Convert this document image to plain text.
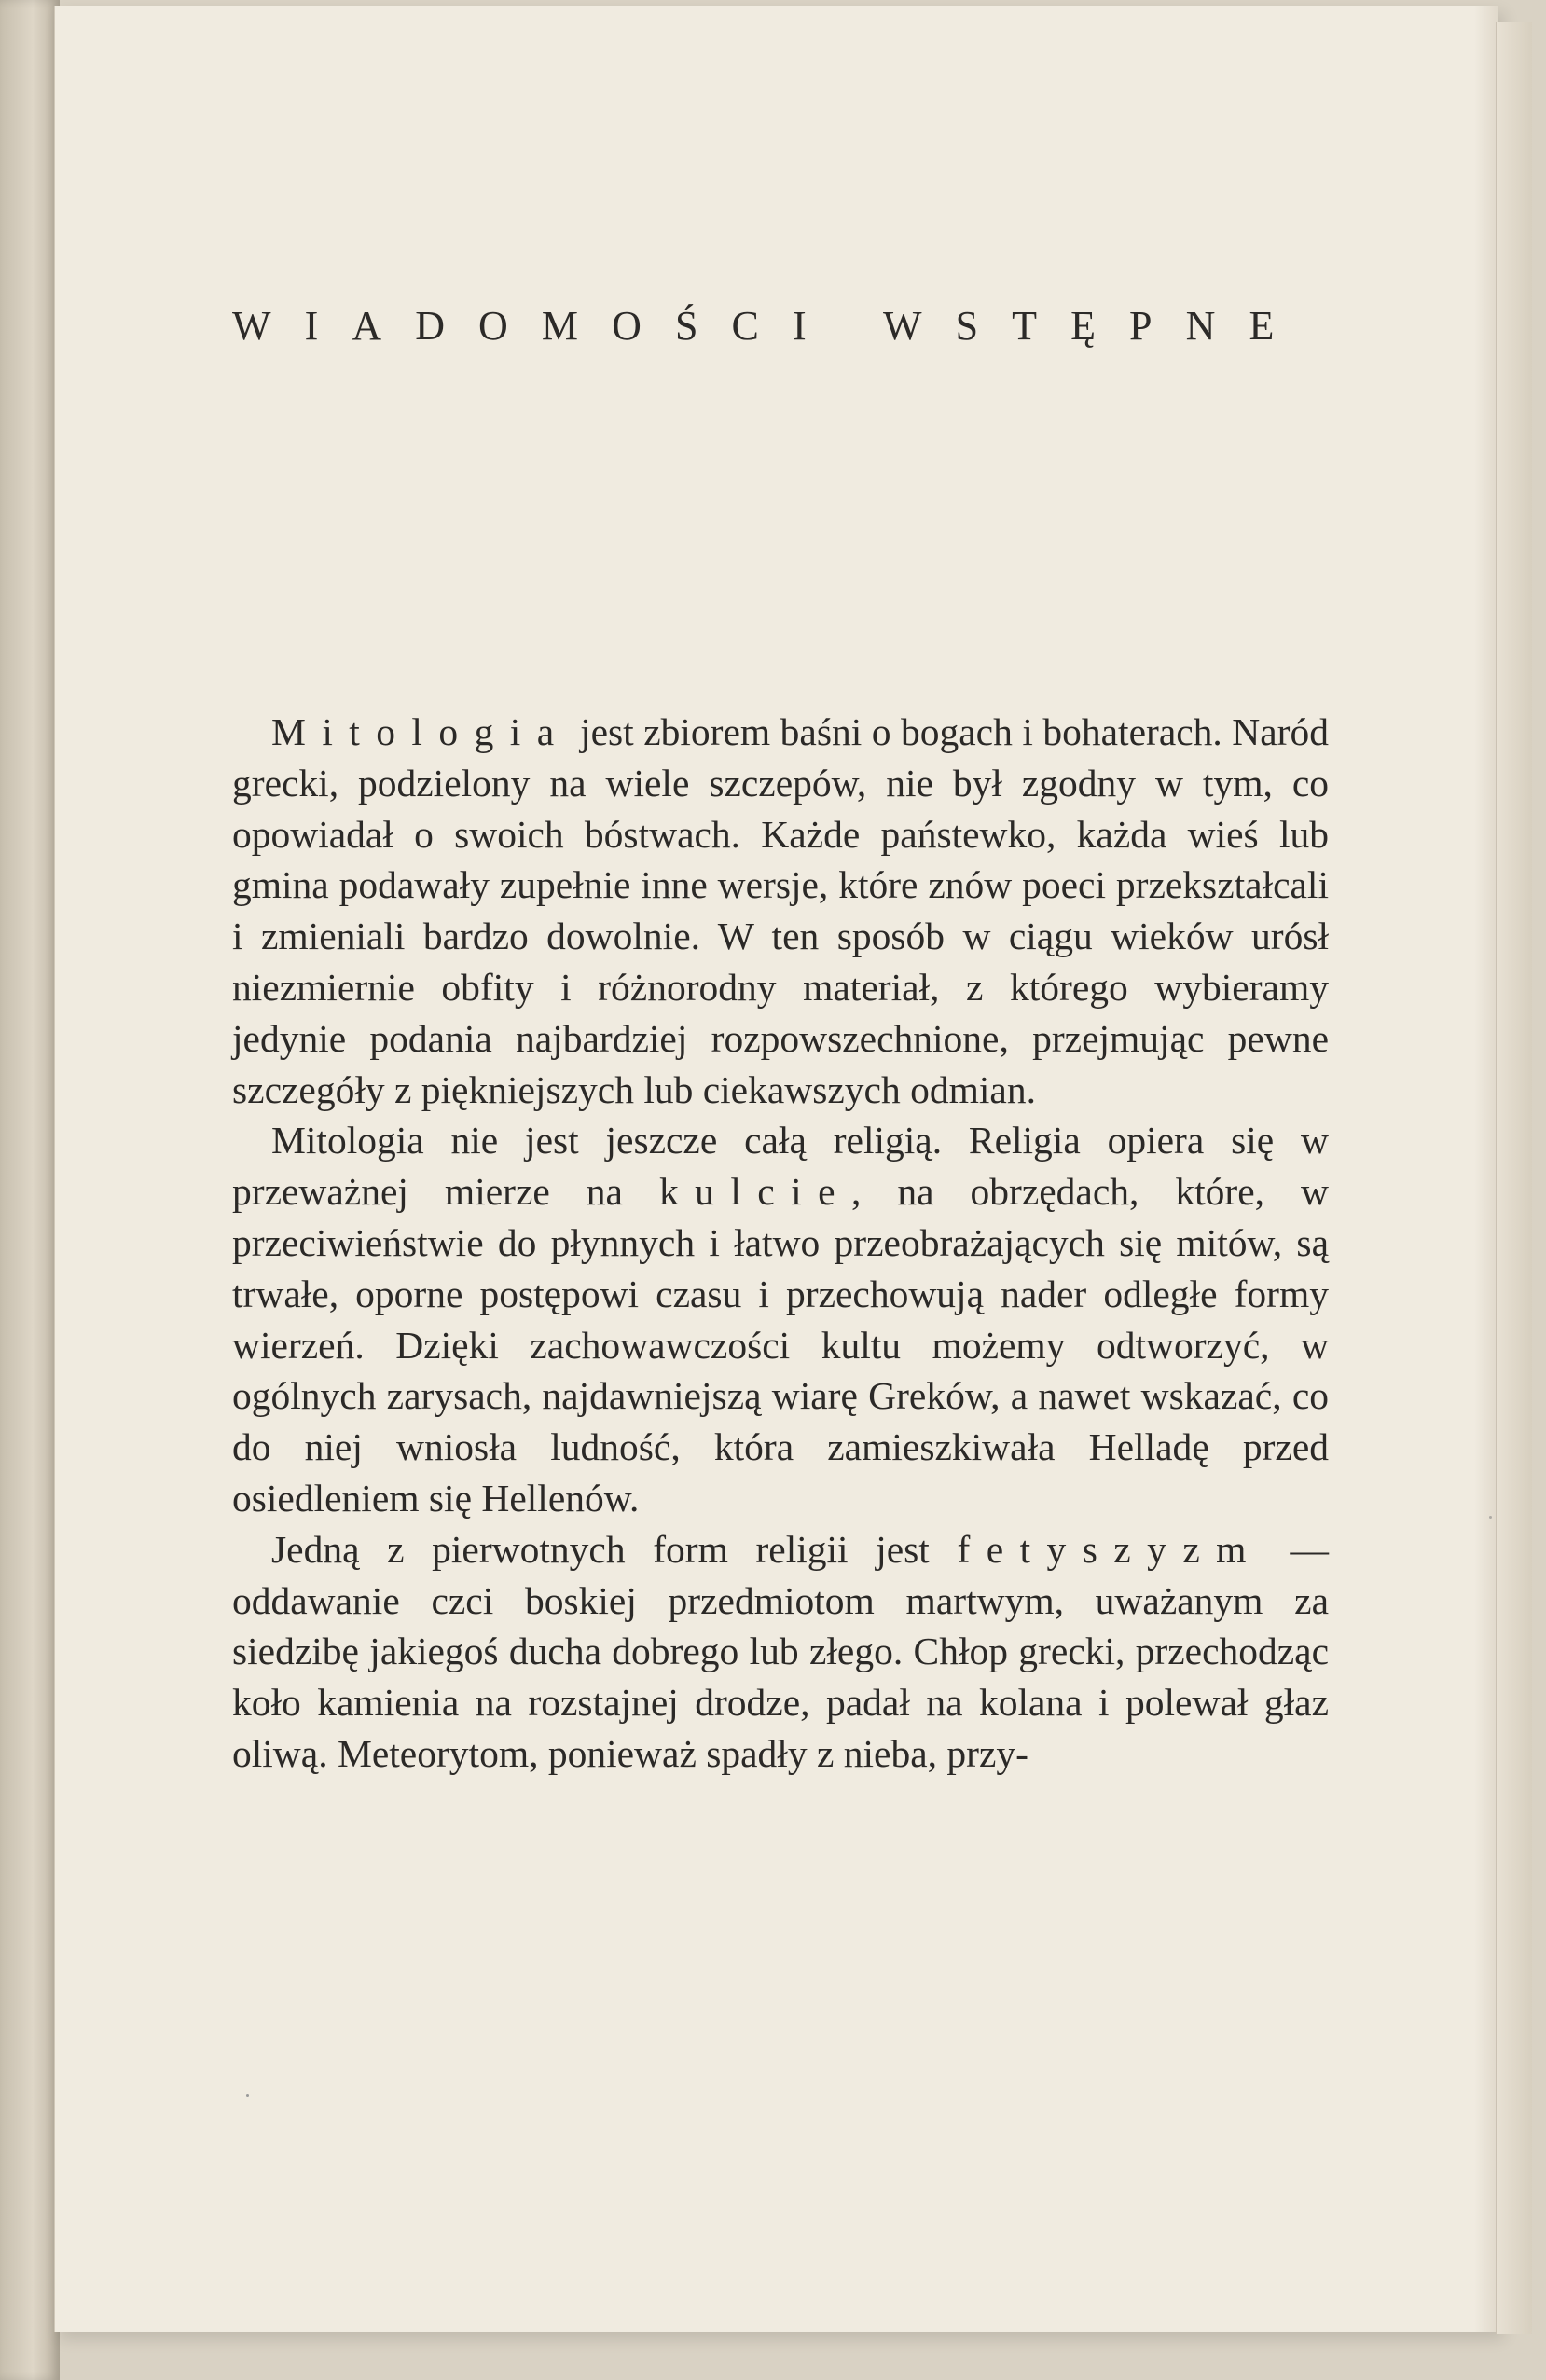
WIADOMOŚCI WSTĘPNE

Mitologia jest zbiorem baśni o bogach i bohaterach. Naród grecki, podzielony na wiele szczepów, nie był zgodny w tym, co opowiadał o swoich bóstwach. Każde państewko, każda wieś lub gmina podawały zupełnie inne wersje, które znów poeci przekształcali i zmieniali bardzo dowolnie. W ten sposób w ciągu wieków urósł niezmiernie obfity i różnorodny materiał, z którego wybieramy jedynie podania najbardziej rozpowszechnione, przejmując pewne szczegóły z piękniejszych lub ciekawszych odmian.

Mitologia nie jest jeszcze całą religią. Religia opiera się w przeważnej mierze na kulcie, na obrzędach, które, w przeciwieństwie do płynnych i łatwo przeobrażających się mitów, są trwałe, oporne postępowi czasu i przechowują nader odległe formy wierzeń. Dzięki zachowawczości kultu możemy odtworzyć, w ogólnych zarysach, najdawniejszą wiarę Greków, a nawet wskazać, co do niej wniosła ludność, która zamieszkiwała Helladę przed osiedleniem się Hellenów.

Jedną z pierwotnych form religii jest fetyszyzm — oddawanie czci boskiej przedmiotom martwym, uważanym za siedzibę jakiegoś ducha dobrego lub złego. Chłop grecki, przechodząc koło kamienia na rozstajnej drodze, padał na kolana i polewał głaz oliwą. Meteorytom, ponieważ spadły z nieba, przy-
